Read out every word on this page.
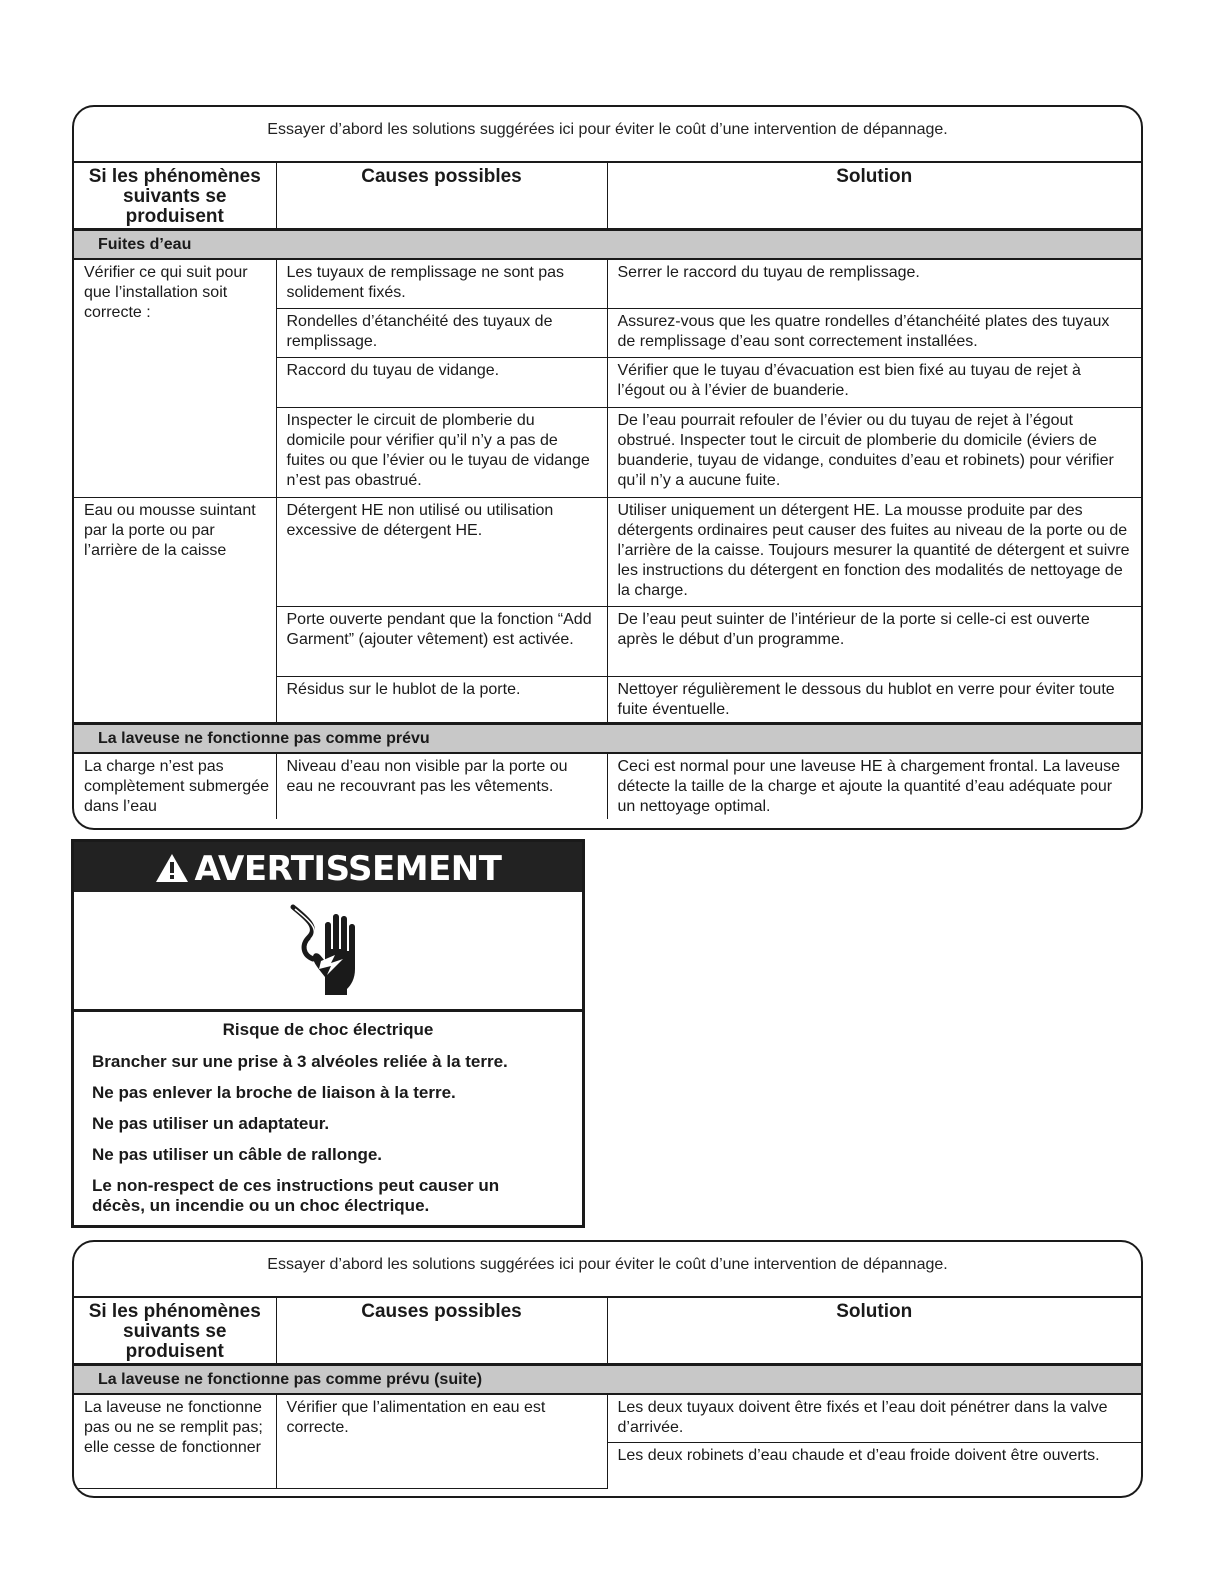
Essayer d’abord les solutions suggérées ici pour éviter le coût d’une intervention de dépannage.
Si les phénomènes suivants se produisent	Causes possibles	Solution
Fuites d’eau		
Vérifier ce qui suit pour que l’installation soit correcte :	Les tuyaux de remplissage ne sont pas solidement fixés.	Serrer le raccord du tuyau de remplissage.
	Rondelles d’étanchéité des tuyaux de remplissage.	Assurez-vous que les quatre rondelles d’étanchéité plates des tuyaux de remplissage d’eau sont correctement installées.
	Raccord du tuyau de vidange.	Vérifier que le tuyau d’évacuation est bien fixé au tuyau de rejet à l’égout ou à l’évier de buanderie.
	Inspecter le circuit de plomberie du domicile pour vérifier qu’il n’y a pas de fuites ou que l’évier ou le tuyau de vidange n’est pas obastrué.	De l’eau pourrait refouler de l’évier ou du tuyau de rejet à l’égout obstrué. Inspecter tout le circuit de plomberie du domicile (éviers de buanderie, tuyau de vidange, conduites d’eau et robinets) pour vérifier qu’il n’y a aucune fuite.
Eau ou mousse suintant par la porte ou par l’arrière de la caisse	Détergent HE non utilisé ou utilisation excessive de détergent HE.	Utiliser uniquement un détergent HE. La mousse produite par des détergents ordinaires peut causer des fuites au niveau de la porte ou de l’arrière de la caisse. Toujours mesurer la quantité de détergent et suivre les instructions du détergent en fonction des modalités de nettoyage de la charge.
	Porte ouverte pendant que la fonction “Add Garment” (ajouter vêtement) est activée.	De l’eau peut suinter de l’intérieur de la porte si celle-ci est ouverte après le début d’un programme.
	Résidus sur le hublot de la porte.	Nettoyer régulièrement le dessous du hublot en verre pour éviter toute fuite éventuelle.
La laveuse ne fonctionne pas comme prévu		
La charge n’est pas complètement submergée dans l’eau	Niveau d’eau non visible par la porte ou eau ne recouvrant pas les vêtements.	Ceci est normal pour une laveuse HE à chargement frontal. La laveuse détecte la taille de la charge et ajoute la quantité d’eau adéquate pour un nettoyage optimal.
AVERTISSEMENT

Risque de choc électrique

Brancher sur une prise à 3 alvéoles reliée à la terre.

Ne pas enlever la broche de liaison à la terre.

Ne pas utiliser un adaptateur.

Ne pas utiliser un câble de rallonge.

Le non-respect de ces instructions peut causer un décès, un incendie ou un choc électrique.

Essayer d’abord les solutions suggérées ici pour éviter le coût d’une intervention de dépannage.
Si les phénomènes suivants se produisent	Causes possibles	Solution
La laveuse ne fonctionne pas comme prévu (suite)		
La laveuse ne fonctionne pas ou ne se remplit pas; elle cesse de fonctionner	Vérifier que l’alimentation en eau est correcte.	Les deux tuyaux doivent être fixés et l’eau doit pénétrer dans la valve d’arrivée.
		Les deux robinets d’eau chaude et d’eau froide doivent être ouverts.
